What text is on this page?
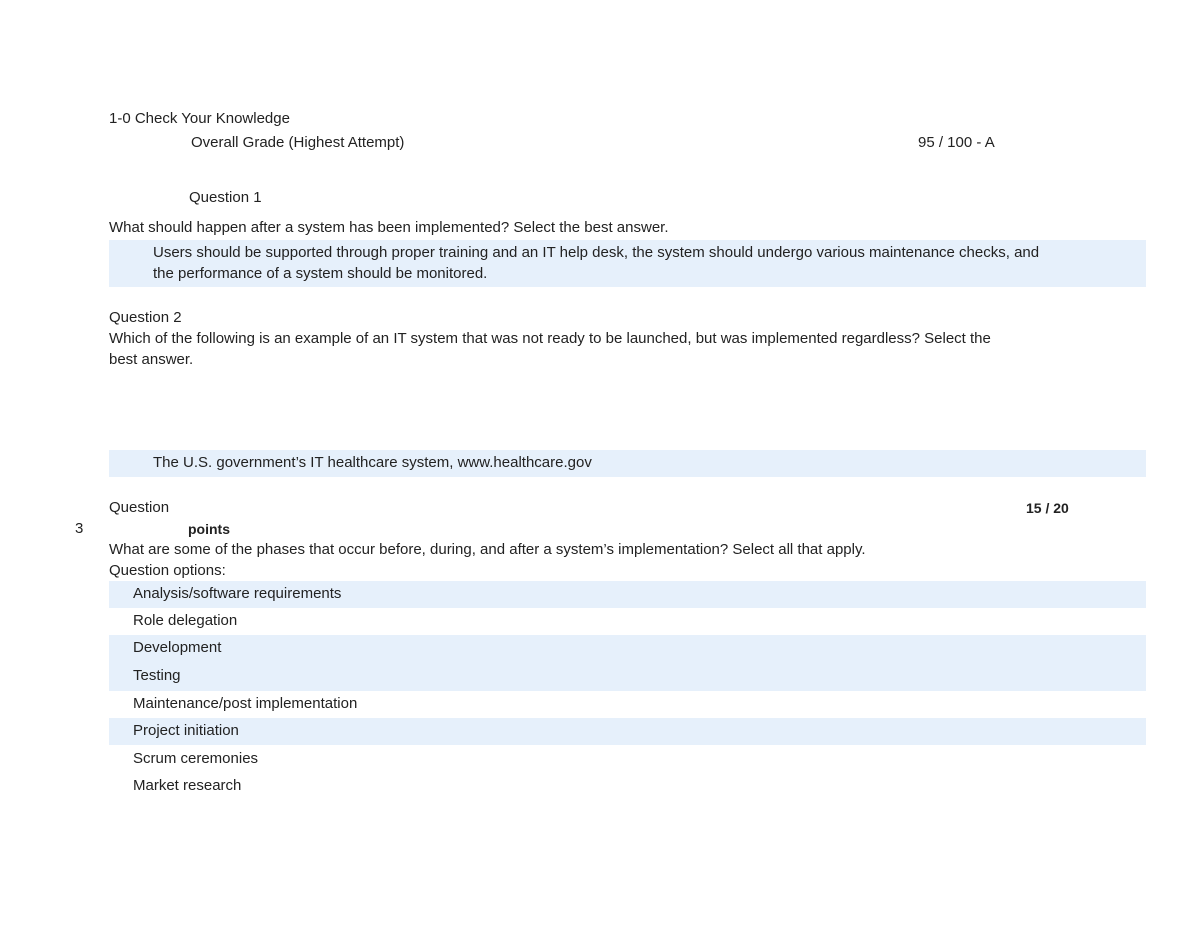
1-0 Check Your Knowledge
Overall Grade (Highest Attempt)	95 / 100 - A
Question 1
What should happen after a system has been implemented? Select the best answer.
Users should be supported through proper training and an IT help desk, the system should undergo various maintenance checks, and
the performance of a system should be monitored.
Question 2
Which of the following is an example of an IT system that was not ready to be launched, but was implemented regardless? Select the
best answer.
The U.S. government’s IT healthcare system, www.healthcare.gov
Question	15 / 20
3	points
What are some of the phases that occur before, during, and after a system’s implementation? Select all that apply.
Question options:
Analysis/software requirements
Role delegation
Development
Testing
Maintenance/post implementation
Project initiation
Scrum ceremonies
Market research
